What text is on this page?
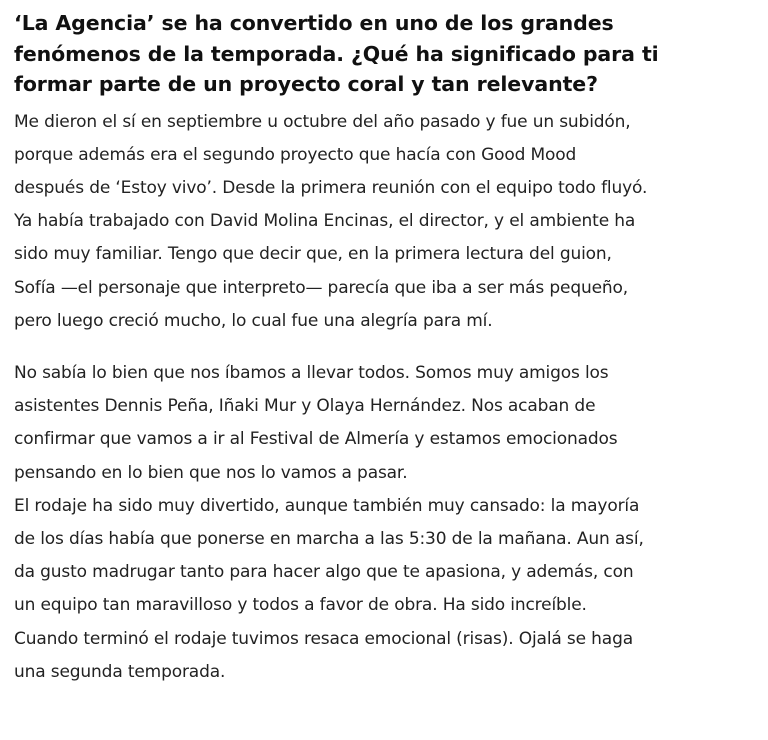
‘La Agencia’ se ha convertido en uno de los grandes
fenómenos de la temporada. ¿Qué ha significado para ti
formar parte de un proyecto coral y tan relevante?

Me dieron el sí en septiembre u octubre del año pasado y fue un subidón,
porque además era el segundo proyecto que hacía con Good Mood
después de ‘Estoy vivo’. Desde la primera reunión con el equipo todo fluyó.
Ya había trabajado con David Molina Encinas, el director, y el ambiente ha
sido muy familiar. Tengo que decir que, en la primera lectura del guion,
Sofía —el personaje que interpreto— parecía que iba a ser más pequeño,
pero luego creció mucho, lo cual fue una alegría para mí.

No sabía lo bien que nos íbamos a llevar todos. Somos muy amigos los
asistentes Dennis Peña, Iñaki Mur y Olaya Hernández. Nos acaban de
confirmar que vamos a ir al Festival de Almería y estamos emocionados
pensando en lo bien que nos lo vamos a pasar.
El rodaje ha sido muy divertido, aunque también muy cansado: la mayoría
de los días había que ponerse en marcha a las 5:30 de la mañana. Aun así,
da gusto madrugar tanto para hacer algo que te apasiona, y además, con
un equipo tan maravilloso y todos a favor de obra. Ha sido increíble.
Cuando terminó el rodaje tuvimos resaca emocional (risas). Ojalá se haga
una segunda temporada.
